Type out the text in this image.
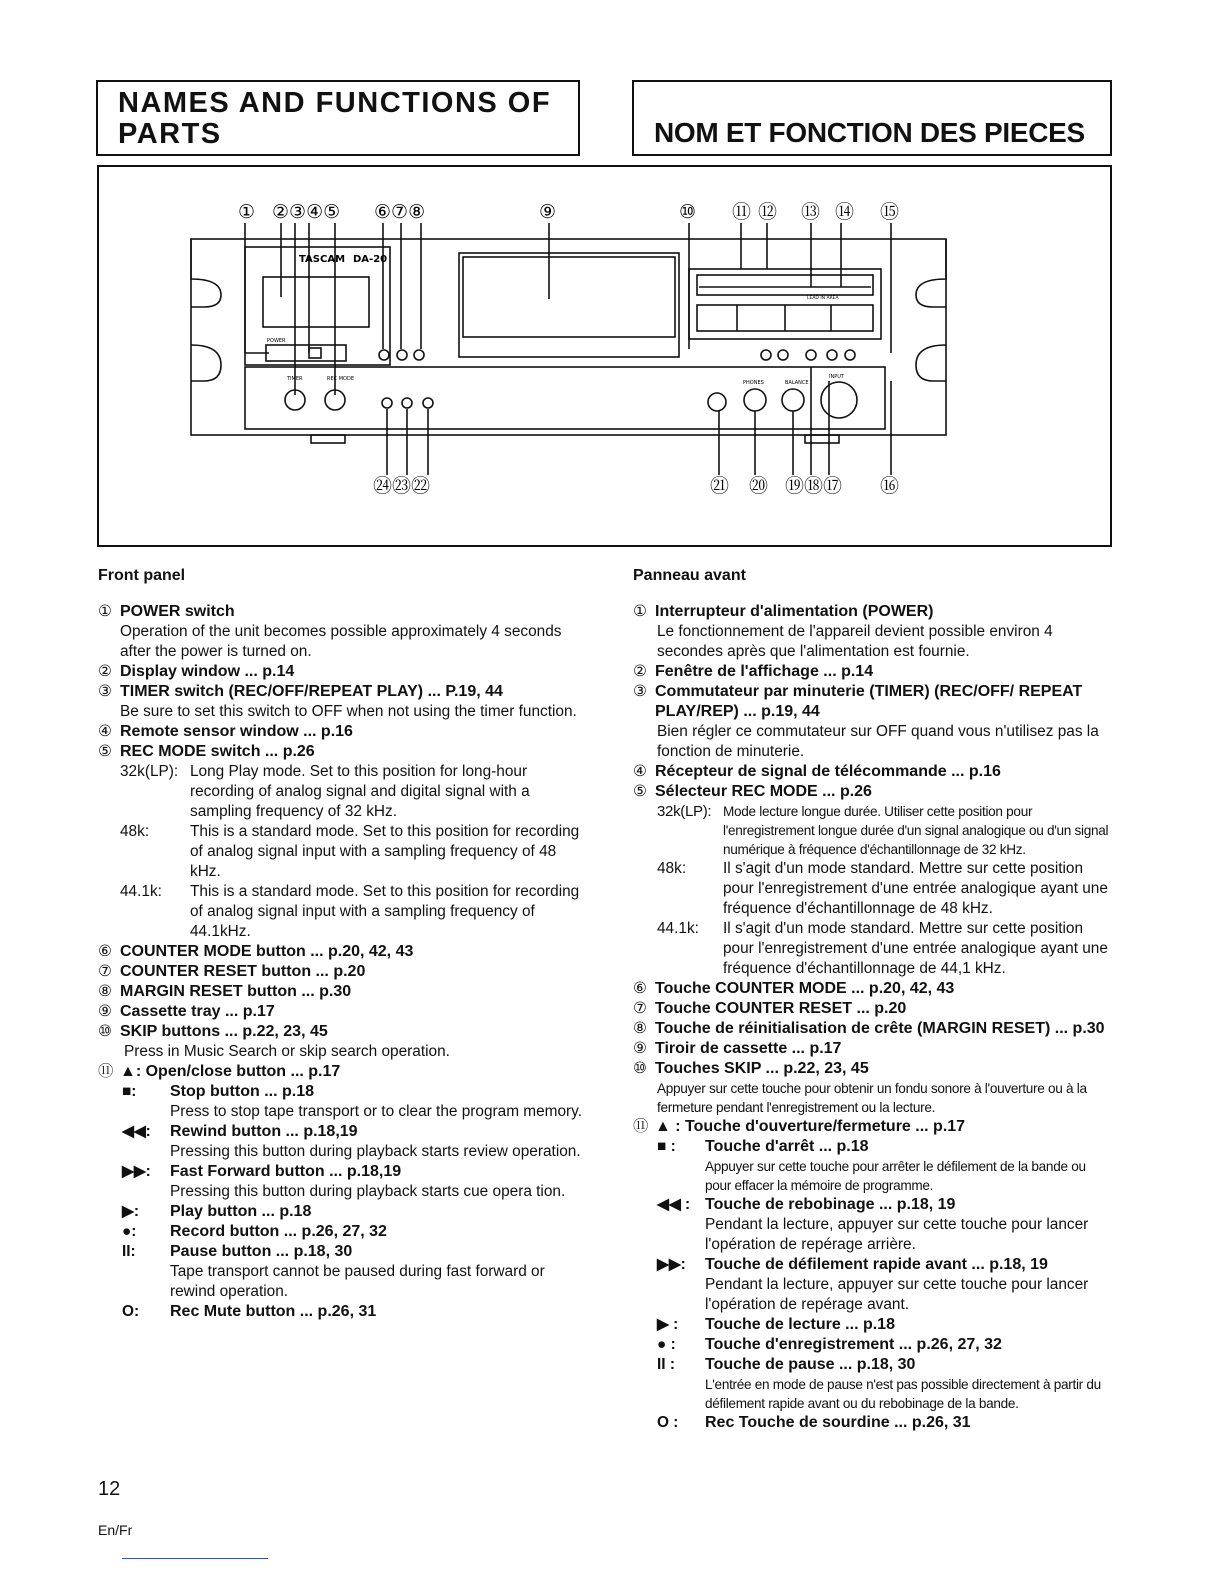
NAMES AND FUNCTIONS OF PARTS	NOM ET FONCTION DES PIECES
① ②③④⑤ ⑥⑦⑧	⑨	⑩ ⑪ ⑫ ⑬ ⑭ ⑮
㉔㉓㉒	㉑ ⑳ ⑲⑱⑰ ⑯
TASCAM DA-20
POWER
TIMER	REC MODE	INPUT
BALANCE
PHONES
LEAD IN AREA
Front panel
① POWER switch
Operation of the unit becomes possible approximately 4 seconds after the power is turned on.
② Display window ... p.14
③ TIMER switch (REC/OFF/REPEAT PLAY) ... P.19, 44
Be sure to set this switch to OFF when not using the timer function.
④ Remote sensor window ... p.16
⑤ REC MODE switch ... p.26
32k(LP): Long Play mode. Set to this position for long-hour recording of analog signal and digital signal with a sampling frequency of 32 kHz.
48k:	This is a standard mode. Set to this position for recording of analog signal input with a sampling frequency of 48 kHz.
44.1k: This is a standard mode. Set to this position for recording of analog signal input with a sampling frequency of 44.1kHz.
⑥ COUNTER MODE button ... p.20, 42, 43
⑦ COUNTER RESET button ... p.20
⑧ MARGIN RESET button ... p.30
⑨ Cassette tray ... p.17
⑩ SKIP buttons ... p.22, 23, 45
Press in Music Search or skip search operation.
⑪ ▲: Open/close button ... p.17
■: Stop button ... p.18
Press to stop tape transport or to clear the program memory.
◀◀: Rewind button ... p.18,19
Pressing this button during playback starts review operation.
▶▶: Fast Forward button ... p.18,19
Pressing this button during playback starts cue opera tion.
▶: Play button ... p.18
●: Record button ... p.26, 27, 32
II: Pause button ... p.18, 30
Tape transport cannot be paused during fast forward or rewind operation.
O: Rec Mute button ... p.26, 31
Panneau avant
① Interrupteur d'alimentation (POWER)
Le fonctionnement de l'appareil devient possible environ 4 secondes après que l'alimentation est fournie.
② Fenêtre de l'affichage ... p.14
③ Commutateur par minuterie (TIMER) (REC/OFF/ REPEAT PLAY/REP) ... p.19, 44
Bien régler ce commutateur sur OFF quand vous n'utilisez pas la fonction de minuterie.
④ Récepteur de signal de télécommande ... p.16
⑤ Sélecteur REC MODE ... p.26
32k(LP): Mode lecture longue durée. Utiliser cette position pour l'enregistrement longue durée d'un signal analogique ou d'un signal numérique à fréquence d'échantillonnage de 32 kHz.
48k: Il s'agit d'un mode standard. Mettre sur cette position pour l'enregistrement d'une entrée analogique ayant une fréquence d'échantillonnage de 48 kHz.
44.1k: Il s'agit d'un mode standard. Mettre sur cette position pour l'enregistrement d'une entrée analogique ayant une fréquence d'échantillonnage de 44,1 kHz.
⑥ Touche COUNTER MODE ... p.20, 42, 43
⑦ Touche COUNTER RESET ... p.20
⑧ Touche de réinitialisation de crête (MARGIN RESET) ... p.30
⑨ Tiroir de cassette ... p.17
⑩ Touches SKIP ... p.22, 23, 45
Appuyer sur cette touche pour obtenir un fondu sonore à l'ouverture ou à la fermeture pendant l'enregistrement ou la lecture.
⑪ ▲ : Touche d'ouverture/fermeture ... p.17
■ : Touche d'arrêt ... p.18
Appuyer sur cette touche pour arrêter le défilement de la bande ou pour effacer la mémoire de programme.
◀◀ : Touche de rebobinage ... p.18, 19
Pendant la lecture, appuyer sur cette touche pour lancer l'opération de repérage arrière.
▶▶: Touche de défilement rapide avant ... p.18, 19
Pendant la lecture, appuyer sur cette touche pour lancer l'opération de repérage avant.
▶ : Touche de lecture ... p.18
● : Touche d'enregistrement ... p.26, 27, 32
II : Touche de pause ... p.18, 30
L'entrée en mode de pause n'est pas possible directement à partir du défilement rapide avant ou du rebobinage de la bande.
O : Rec Touche de sourdine ... p.26, 31
12
En/Fr
